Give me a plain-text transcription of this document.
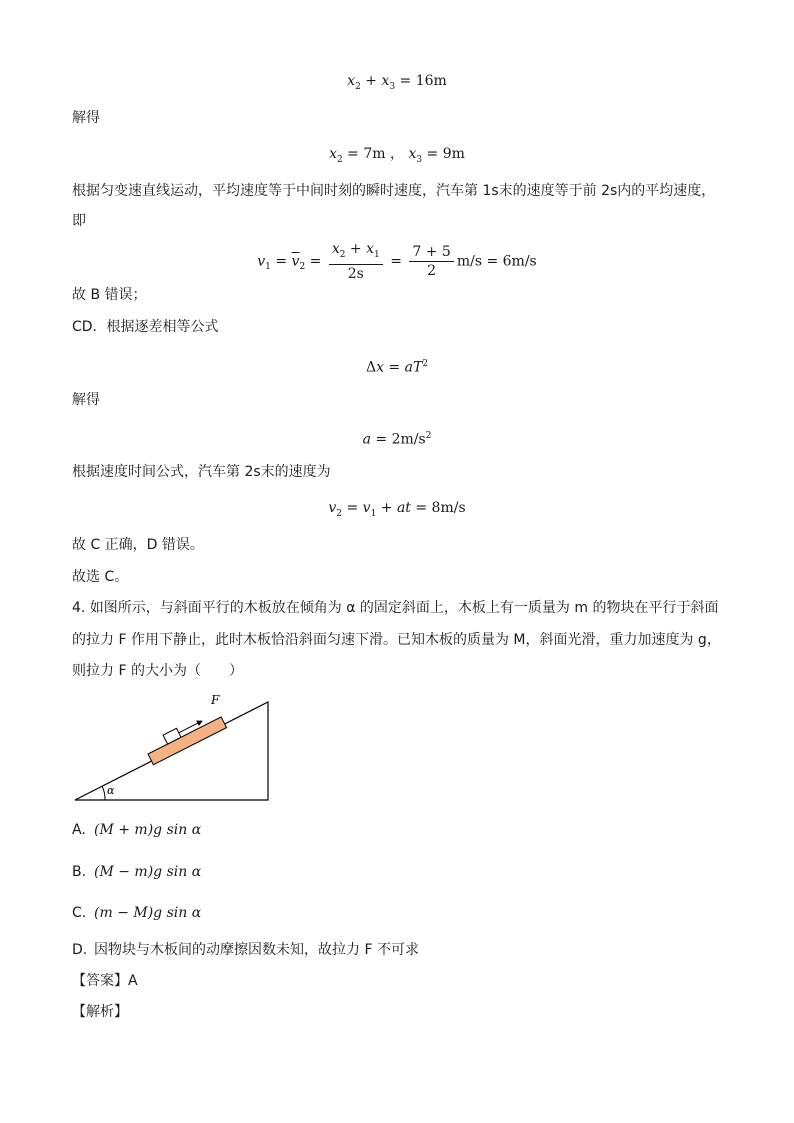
$x_2 + x_3 = 16m$
解得
$x_2 = 7m$ ， $x_3 = 9m$
根据匀变速直线运动，平均速度等于中间时刻的瞬时速度，汽车第 1s末的速度等于前 2s内的平均速度，
即
$v_1 = \overline{v}_2 = \frac{x_2 + x_1}{2s} = \frac{7 + 5}{2} m/s = 6m/s$
故 B 错误；
CD．根据逐差相等公式
$\Delta x = aT^2$
解得
$a = 2m/s^2$
根据速度时间公式，汽车第 2s末的速度为
$v_2 = v_1$ + at = 8m/s
故 C 正确，D 错误。
故选 C。
4. 如图所示，与斜面平行的木板放在倾角为 α 的固定斜面上，木板上有一质量为 m 的物块在平行于斜面
的拉力 F 作用下静止，此时木板恰沿斜面匀速下滑。已知木板的质量为 M，斜面光滑，重力加速度为 g，
则拉力 F 的大小为（　　）
α
F
A. (M + m)g sin α
B. (M − m)g sin α
C. (m − M)g sin α
D. 因物块与木板间的动摩擦因数未知，故拉力 F 不可求
【答案】A
【解析】
